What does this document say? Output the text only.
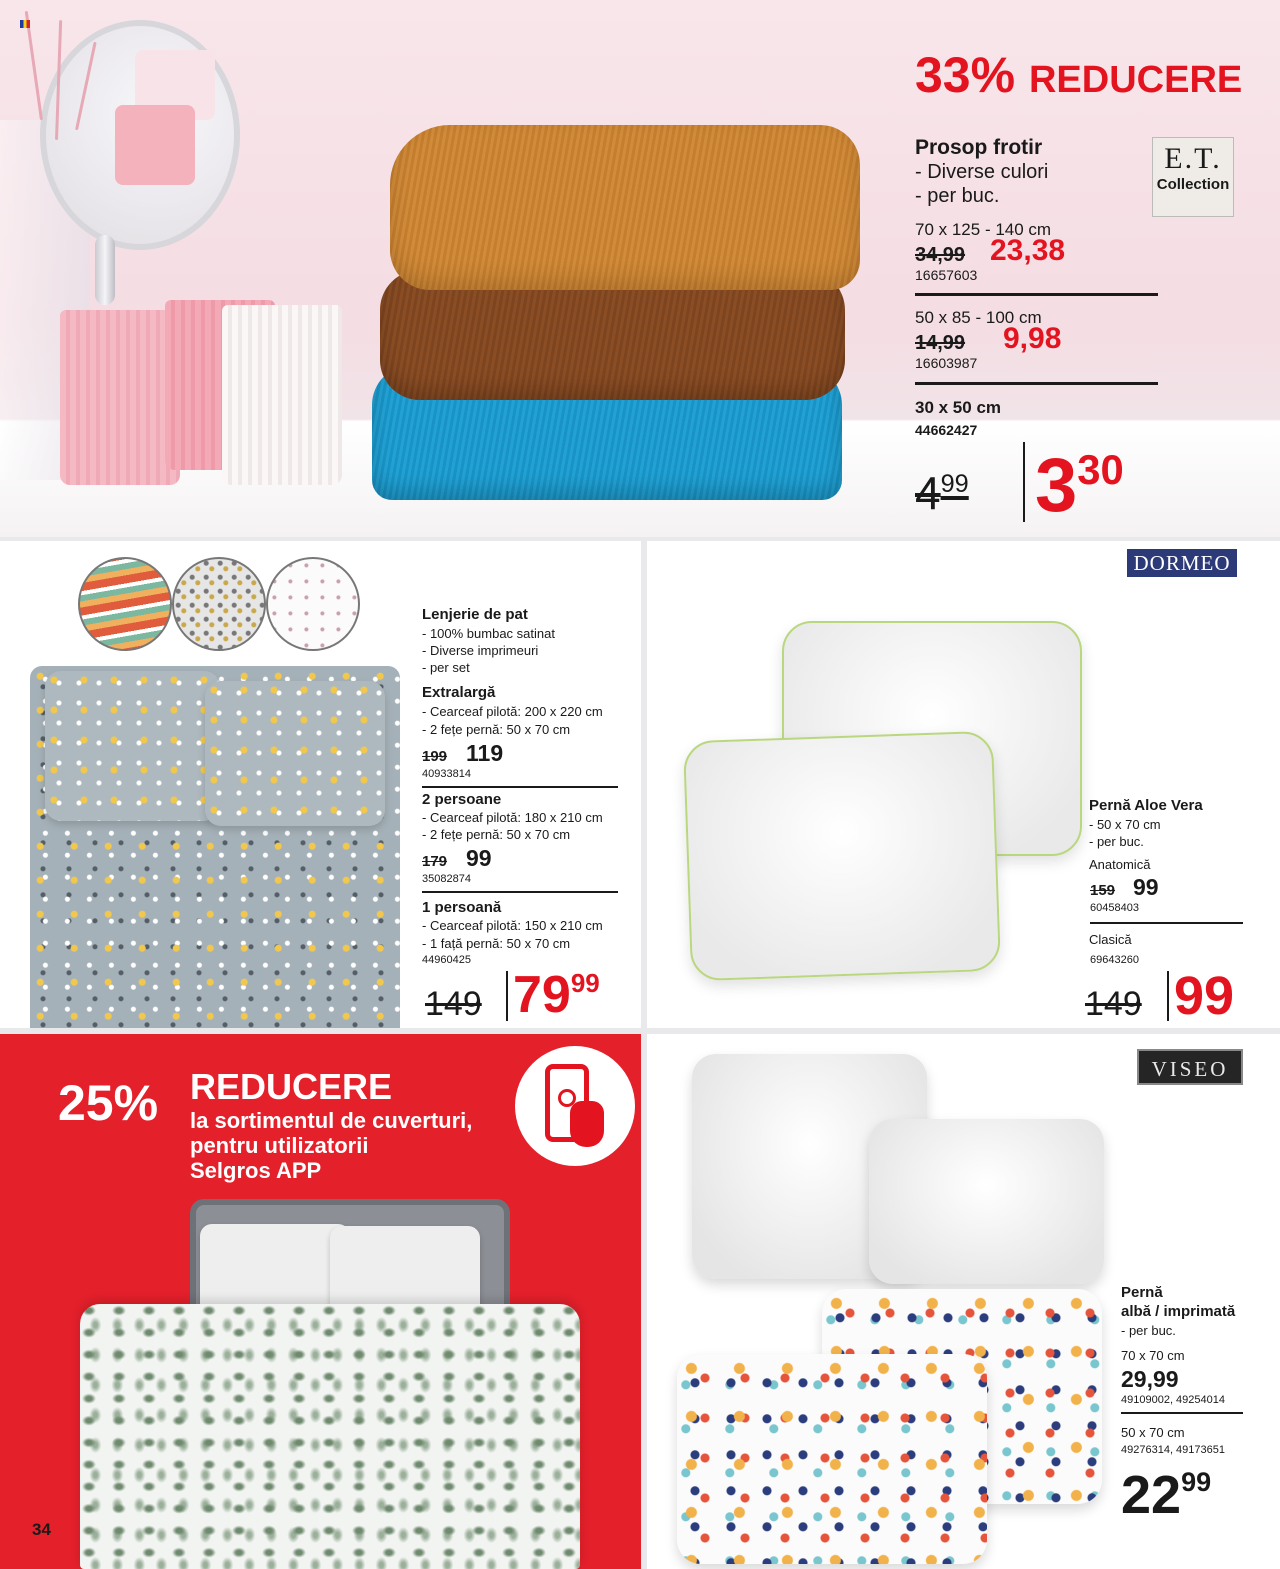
33% REDUCERE
Prosop frotir
- Diverse culori
- per buc.
E.T.
Collection
70 x 125 - 140 cm
34,99 23,38
16657603
50 x 85 - 100 cm
14,99 9,98
16603987
30 x 50 cm
44662427
$4^{99}$ $3^{30}$
Lenjerie de pat
- 100% bumbac satinat
- Diverse imprimeuri
- per set
Extralargă
- Cearceaf pilotă: 200 x 220 cm
- 2 fețe pernă: 50 x 70 cm
199 119
40933814
2 persoane
- Cearceaf pilotă: 180 x 210 cm
- 2 fețe pernă: 50 x 70 cm
179 99
35082874
1 persoană
- Cearceaf pilotă: 150 x 210 cm
- 1 față pernă: 50 x 70 cm
44960425
149 $79^{99}$
DORMEO
Pernă Aloe Vera
- 50 x 70 cm
- per buc.
Anatomică
159 99
60458403
Clasică
69643260
149 99
25% REDUCERE
la sortimentul de cuverturi,
pentru utilizatorii
Selgros APP
34
VISEO
Pernă
albă / imprimată
- per buc.
70 x 70 cm
29,99
49109002, 49254014
50 x 70 cm
49276314, 49173651
$22^{99}$
